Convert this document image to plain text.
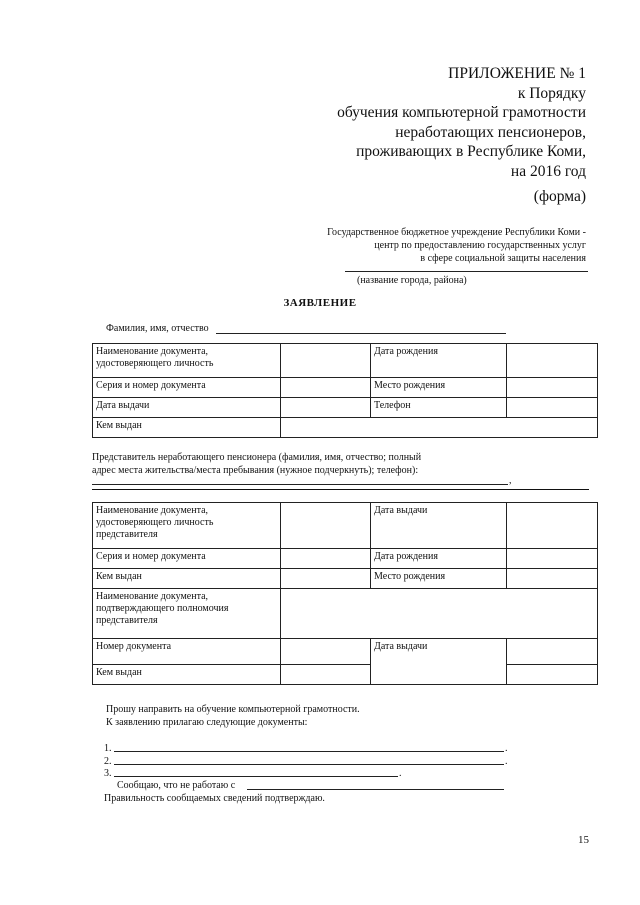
ПРИЛОЖЕНИЕ № 1
к Порядку
обучения компьютерной грамотности
неработающих пенсионеров,
проживающих в Республике Коми,
на 2016 год
(форма)
Государственное бюджетное учреждение Республики Коми -
центр по предоставлению государственных услуг
в сфере социальной защиты населения
(название города, района)
ЗАЯВЛЕНИЕ
Фамилия, имя, отчество
Наименование документа, удостоверяющего личность		Дата рождения	
Серия и номер документа		Место рождения	
Дата выдачи		Телефон	
Кем выдан			
Представитель неработающего пенсионера (фамилия, имя, отчество; полный
адрес места жительства/места пребывания (нужное подчеркнуть); телефон):
,
Наименование документа, удостоверяющего личность представителя		Дата выдачи	
Серия и номер документа		Дата рождения	
Кем выдан		Место рождения	
Наименование документа, подтверждающего полномочия представителя			
Номер документа		Дата выдачи	
Кем выдан			
Прошу направить на обучение компьютерной грамотности.
К заявлению прилагаю следующие документы:
1.	.
2.	.
3.	.
Сообщаю, что не работаю с
Правильность сообщаемых сведений подтверждаю.
15
